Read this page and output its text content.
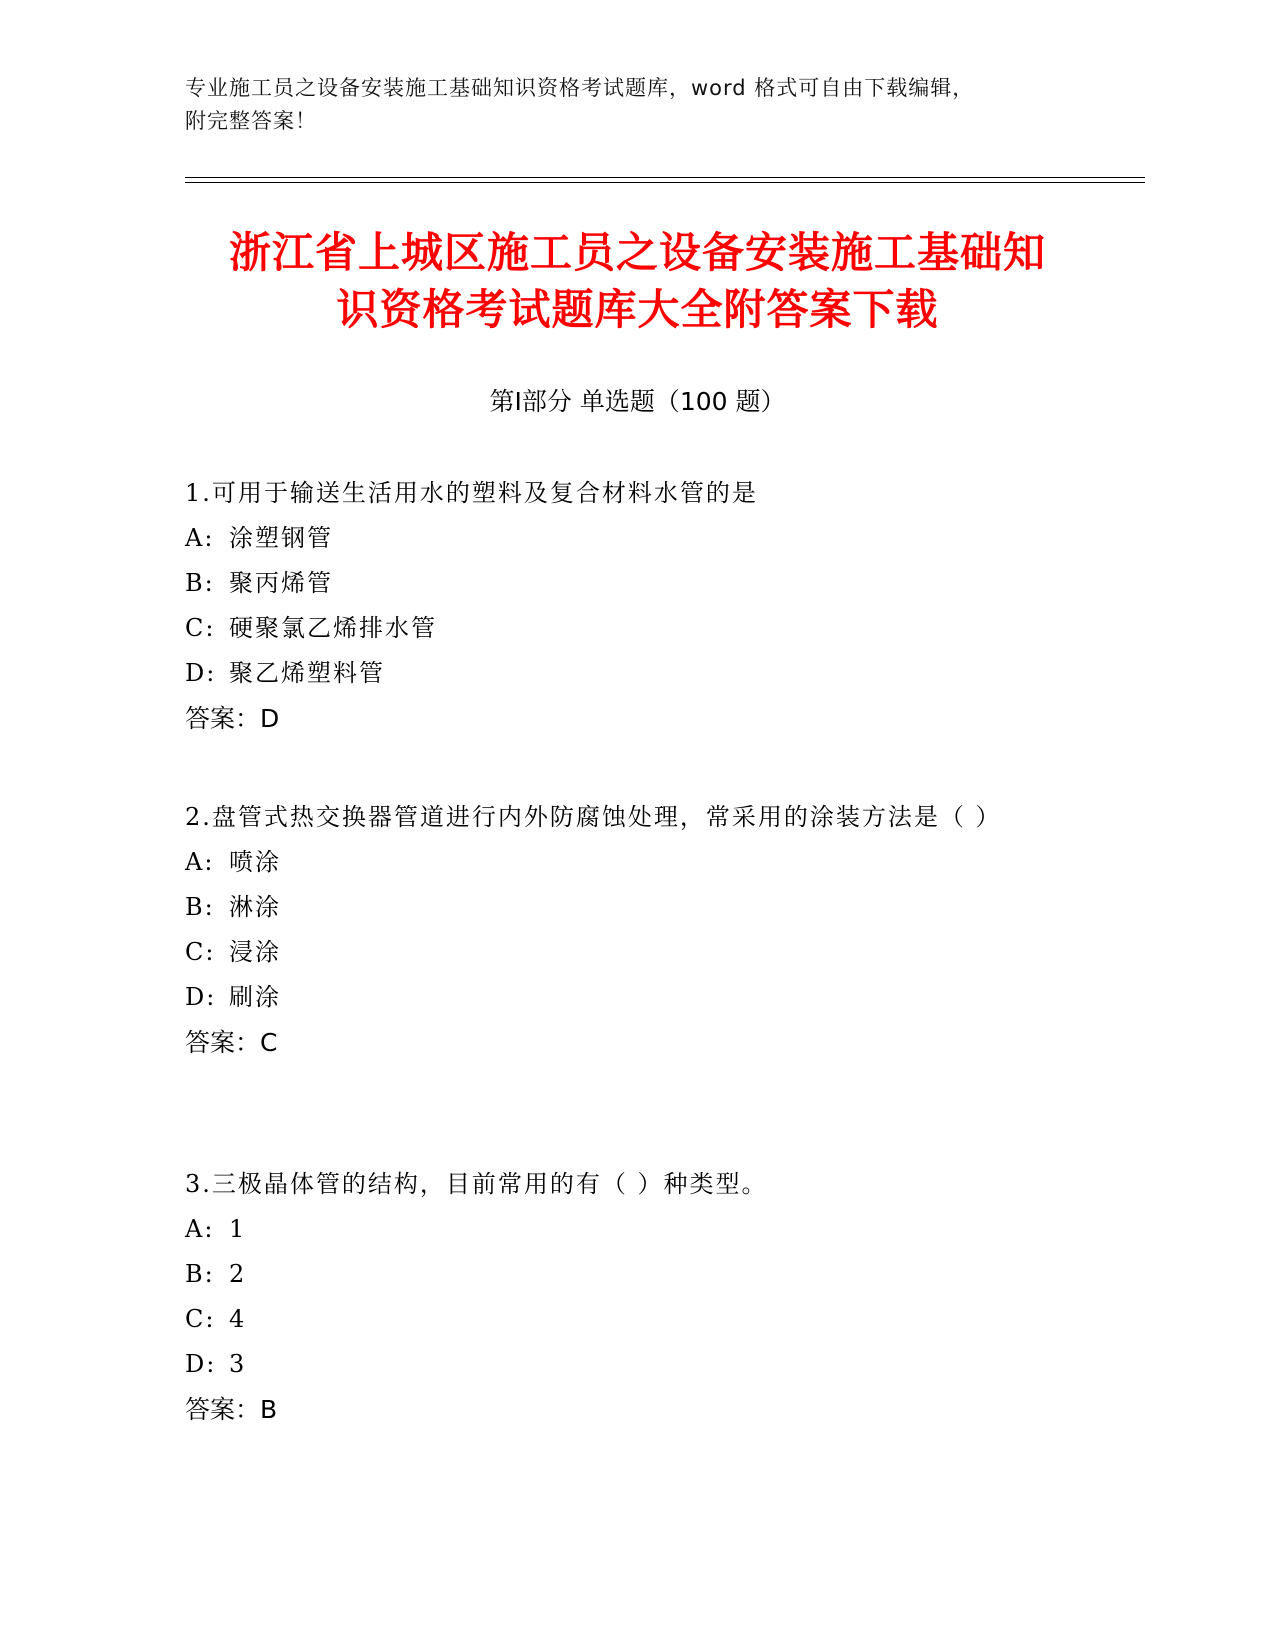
专业施工员之设备安装施工基础知识资格考试题库，word 格式可自由下载编辑，
附完整答案！
浙江省上城区施工员之设备安装施工基础知
识资格考试题库大全附答案下载
第Ⅰ部分 单选题（100 题）

1.可用于输送生活用水的塑料及复合材料水管的是

A: 涂塑钢管

B: 聚丙烯管

C: 硬聚氯乙烯排水管

D: 聚乙烯塑料管

答案：D

2.盘管式热交换器管道进行内外防腐蚀处理，常采用的涂装方法是（ ）

A: 喷涂

B: 淋涂

C: 浸涂

D: 刷涂

答案：C

3.三极晶体管的结构，目前常用的有（ ）种类型。

A: 1

B: 2

C: 4

D: 3

答案：B
